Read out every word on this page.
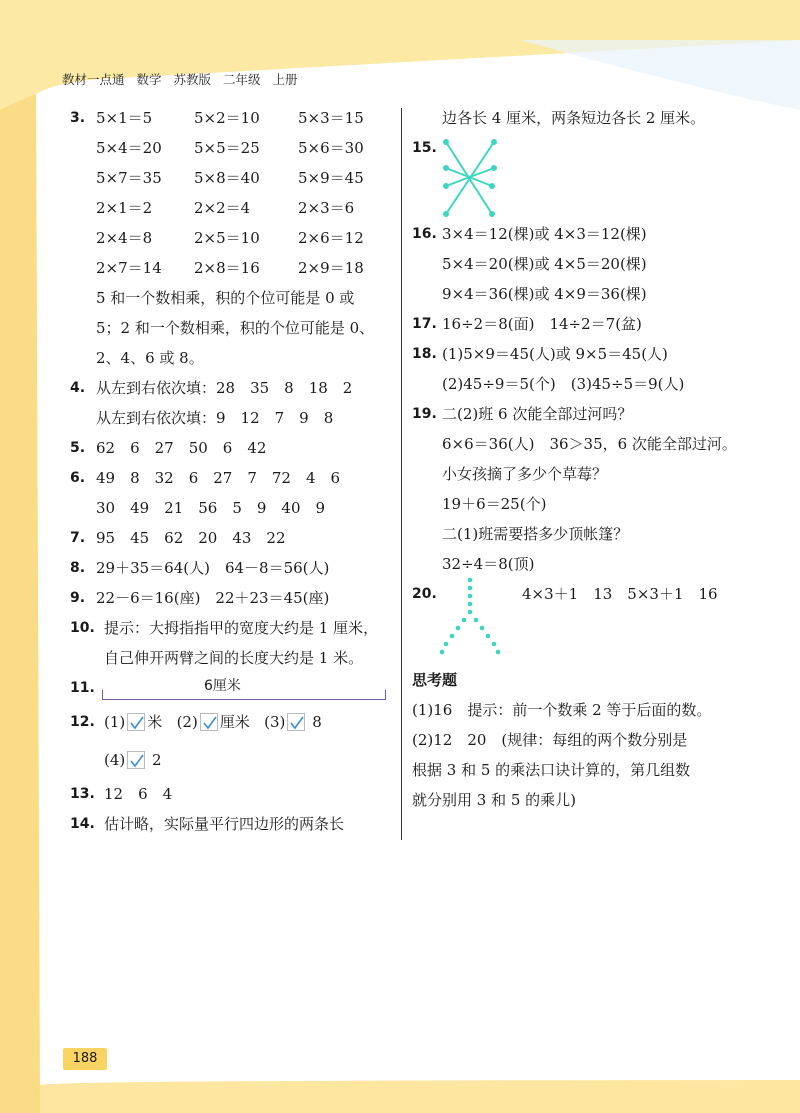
教材一点通 数学 苏教版 二年级 上册
3. 5×1＝5	5×2＝10	5×3＝15
5×4＝20 5×5＝25	5×6＝30
5×7＝35 5×8＝40	5×9＝45
2×1＝2	2×2＝4	2×3＝6
2×4＝8	2×5＝10	2×6＝12
2×7＝14 2×8＝16	2×9＝18
5 和一个数相乘，积的个位可能是 0 或
5；2 和一个数相乘，积的个位可能是 0、
2、4、6 或 8。
4. 从左到右依次填：28　35　8　18　2
从左到右依次填：9　12　7　9　8
5. 62　6　27　50　6　42
6. 49　8　32　6　27　7　72　4　6
30　49　21　56　5　9　40　9
7. 95　45　62　20　43　22
8. 29＋35＝64(人)　64－8＝56(人)
9. 22－6＝16(座)　22＋23＝45(座)
10. 提示：大拇指指甲的宽度大约是 1 厘米，
自己伸开两臂之间的长度大约是 1 米。
11.	6厘米
12. (1) 米 (2) 厘米 (3) 8
(4) 2
13. 12　6　4
14. 估计略，实际量平行四边形的两条长
边各长 4 厘米，两条短边各长 2 厘米。
15.
16. 3×4＝12(棵)或 4×3＝12(棵)
5×4＝20(棵)或 4×5＝20(棵)
9×4＝36(棵)或 4×9＝36(棵)
17. 16÷2＝8(面)　14÷2＝7(盆)
18. (1)5×9＝45(人)或 9×5＝45(人)
(2)45÷9＝5(个)　(3)45÷5＝9(人)
19. 二(2)班 6 次能全部过河吗？
6×6＝36(人)　36＞35，6 次能全部过河。
小女孩摘了多少个草莓？
19＋6＝25(个)
二(1)班需要搭多少顶帐篷？
32÷4＝8(顶)
20.	4×3＋1　13　5×3＋1　16
思考题
(1)16　提示：前一个数乘 2 等于后面的数。
(2)12　20　(规律：每组的两个数分别是
根据 3 和 5 的乘法口诀计算的，第几组数
就分别用 3 和 5 的乘儿)
188
